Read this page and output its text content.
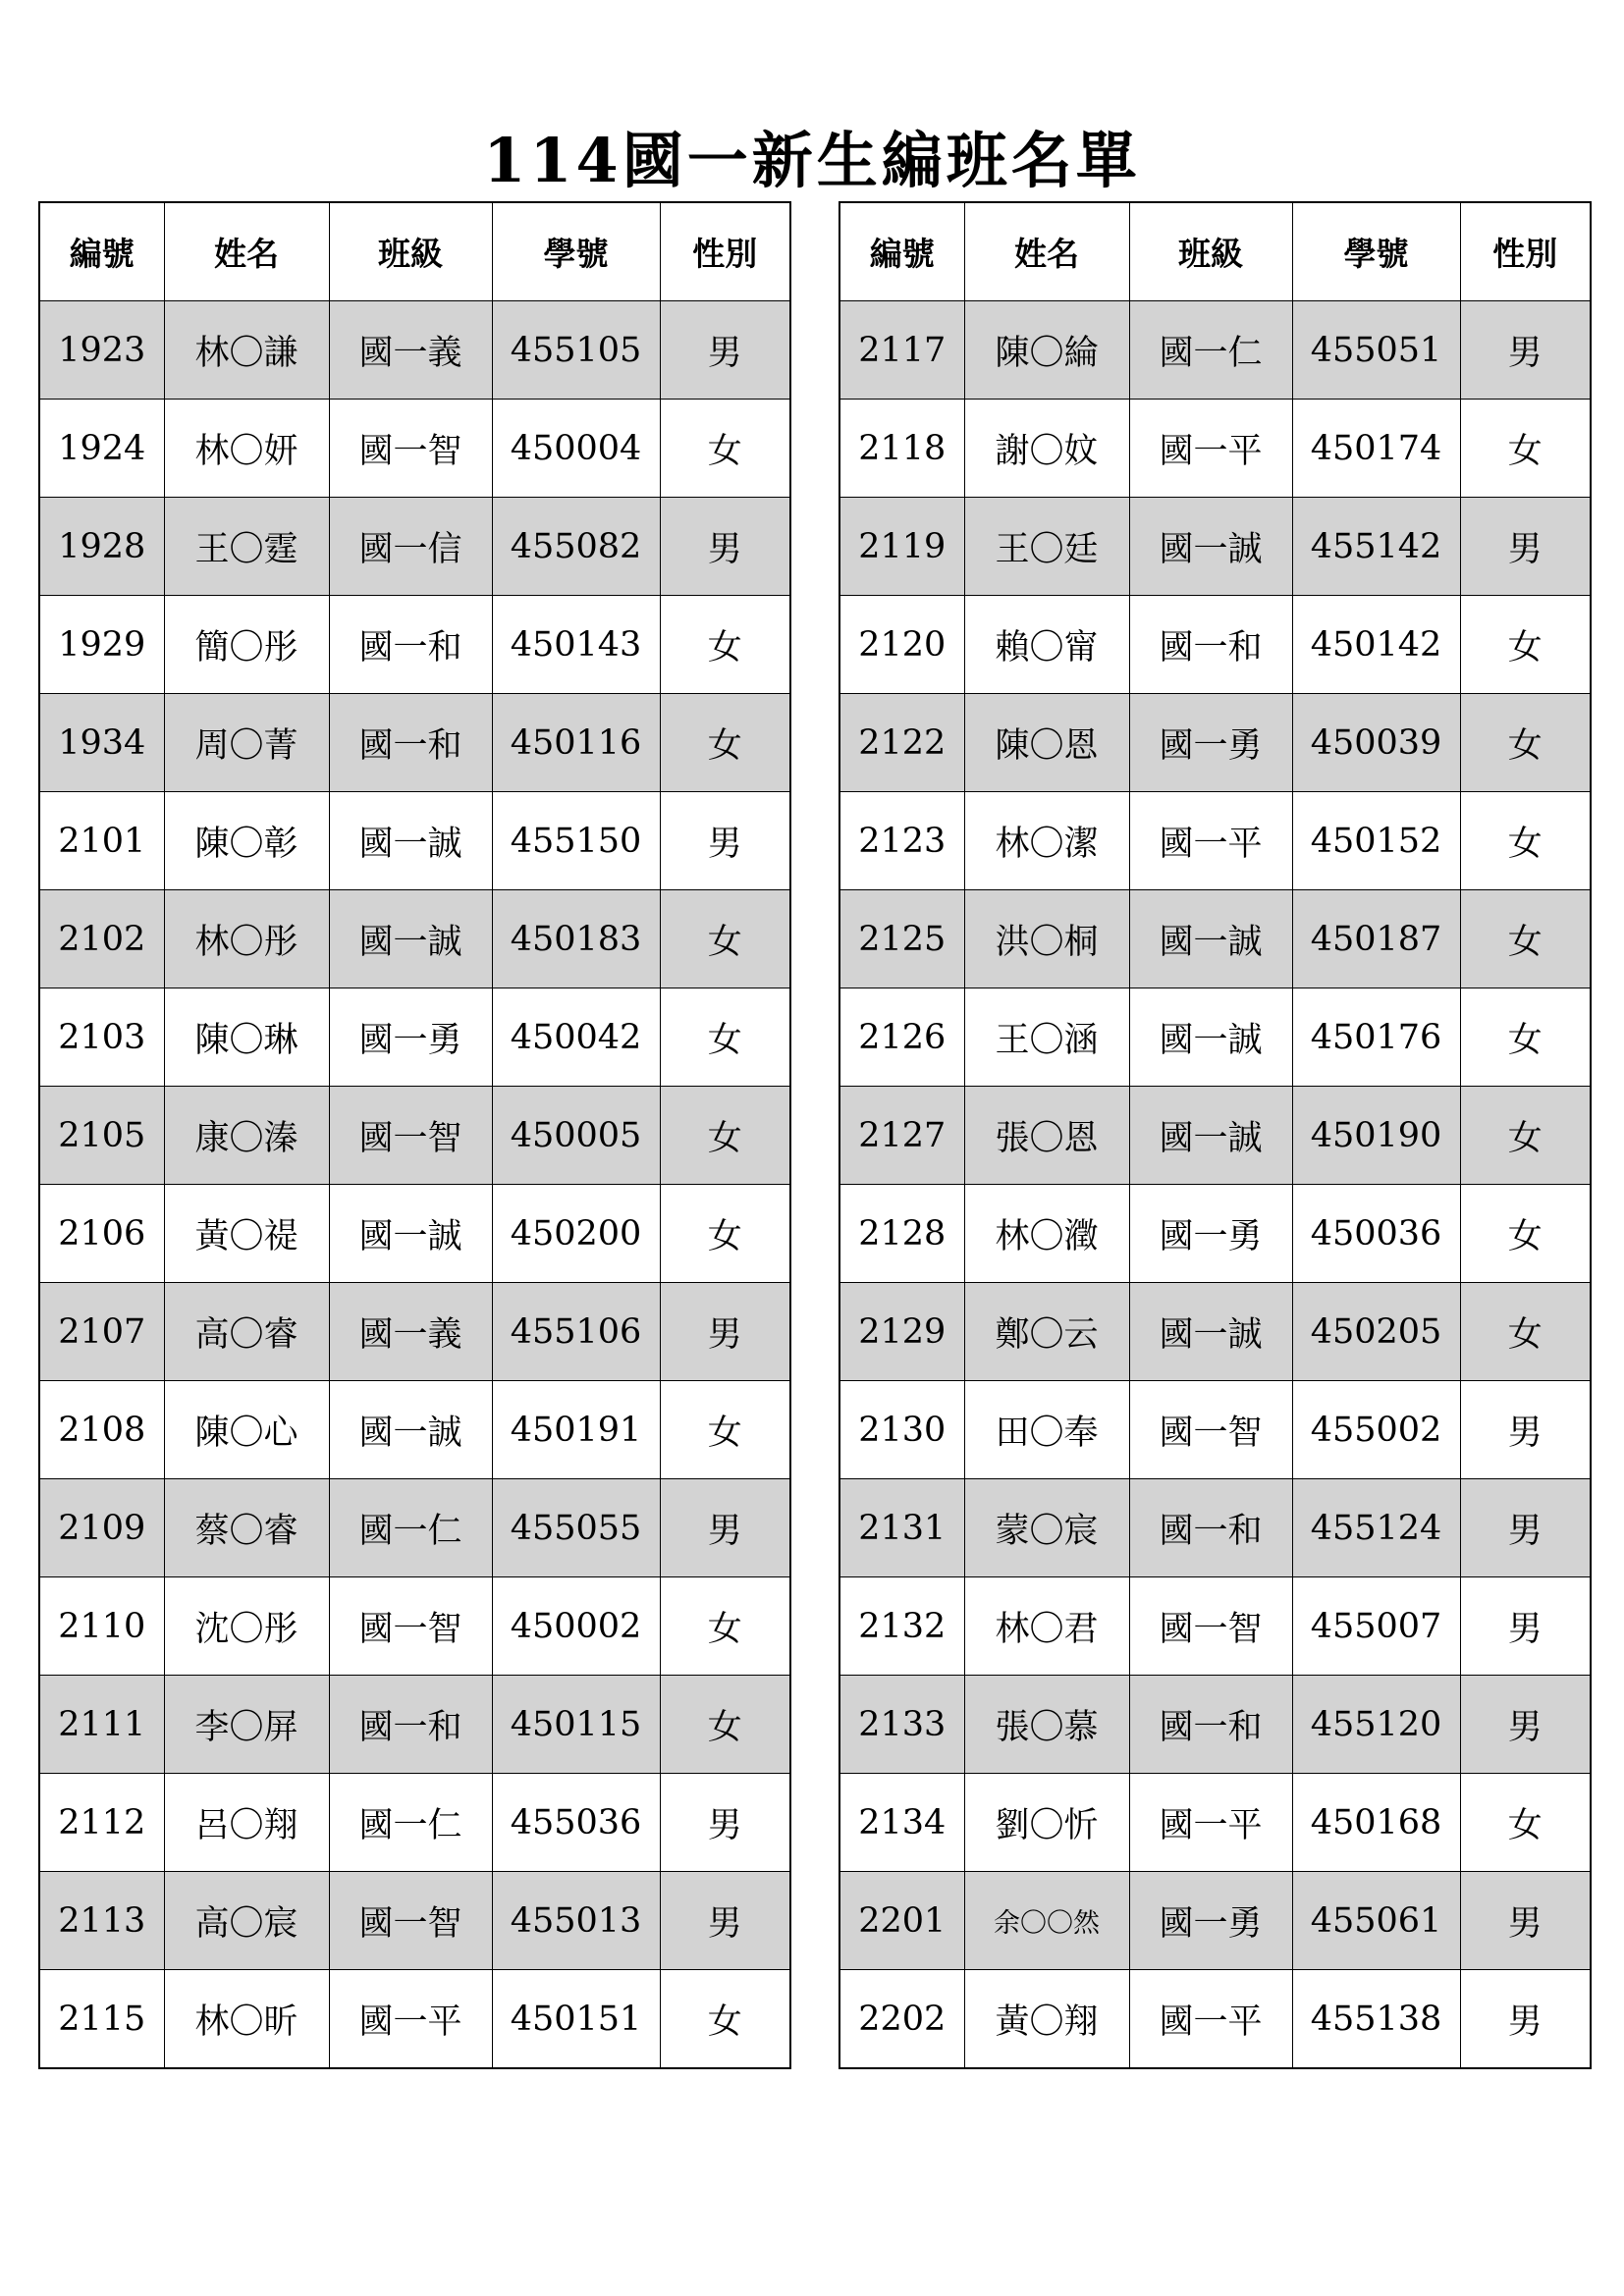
114國一新生編班名單
編號	姓名	班級	學號	性別
1923	林〇謙	國一義	455105	男
1924	林〇妍	國一智	450004	女
1928	王〇霆	國一信	455082	男
1929	簡〇彤	國一和	450143	女
1934	周〇菁	國一和	450116	女
2101	陳〇彰	國一誠	455150	男
2102	林〇彤	國一誠	450183	女
2103	陳〇琳	國一勇	450042	女
2105	康〇溱	國一智	450005	女
2106	黃〇禔	國一誠	450200	女
2107	高〇睿	國一義	455106	男
2108	陳〇心	國一誠	450191	女
2109	蔡〇睿	國一仁	455055	男
2110	沈〇彤	國一智	450002	女
2111	李〇屏	國一和	450115	女
2112	呂〇翔	國一仁	455036	男
2113	高〇宸	國一智	455013	男
2115	林〇昕	國一平	450151	女
編號	姓名	班級	學號	性別
2117	陳〇綸	國一仁	455051	男
2118	謝〇妏	國一平	450174	女
2119	王〇廷	國一誠	455142	男
2120	賴〇甯	國一和	450142	女
2122	陳〇恩	國一勇	450039	女
2123	林〇潔	國一平	450152	女
2125	洪〇桐	國一誠	450187	女
2126	王〇涵	國一誠	450176	女
2127	張〇恩	國一誠	450190	女
2128	林〇瀓	國一勇	450036	女
2129	鄭〇云	國一誠	450205	女
2130	田〇奉	國一智	455002	男
2131	蒙〇宸	國一和	455124	男
2132	林〇君	國一智	455007	男
2133	張〇慕	國一和	455120	男
2134	劉〇忻	國一平	450168	女
2201	余〇〇然	國一勇	455061	男
2202	黃〇翔	國一平	455138	男
